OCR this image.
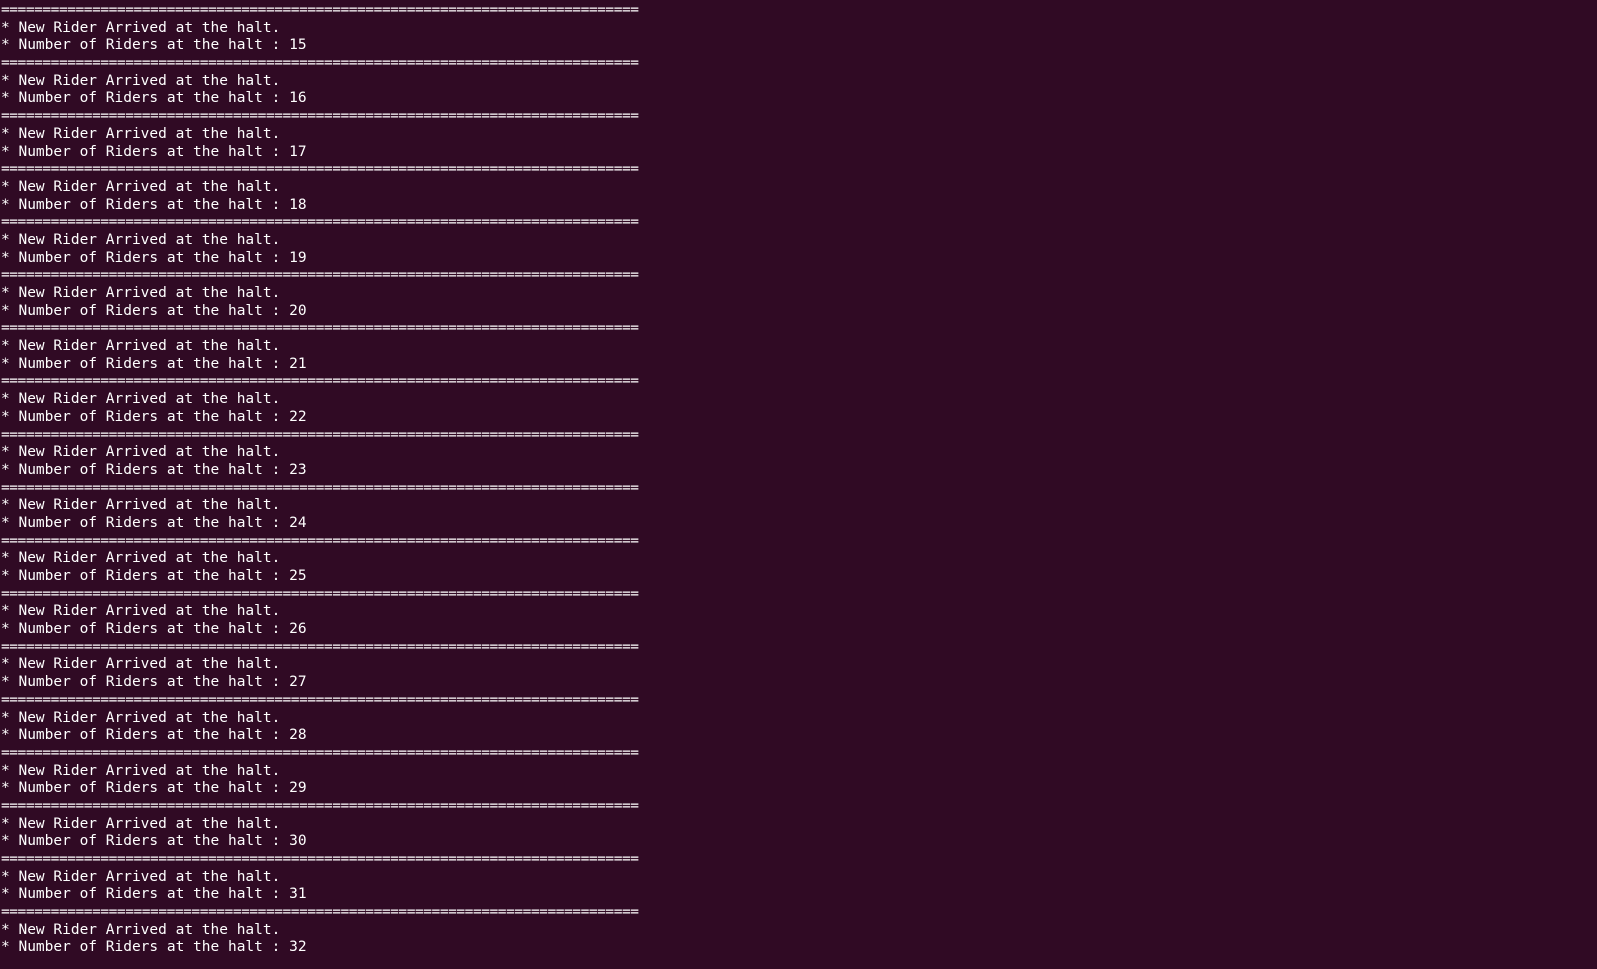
=============================================================================
* New Rider Arrived at the halt.
* Number of Riders at the halt : 15
=============================================================================
* New Rider Arrived at the halt.
* Number of Riders at the halt : 16
=============================================================================
* New Rider Arrived at the halt.
* Number of Riders at the halt : 17
=============================================================================
* New Rider Arrived at the halt.
* Number of Riders at the halt : 18
=============================================================================
* New Rider Arrived at the halt.
* Number of Riders at the halt : 19
=============================================================================
* New Rider Arrived at the halt.
* Number of Riders at the halt : 20
=============================================================================
* New Rider Arrived at the halt.
* Number of Riders at the halt : 21
=============================================================================
* New Rider Arrived at the halt.
* Number of Riders at the halt : 22
=============================================================================
* New Rider Arrived at the halt.
* Number of Riders at the halt : 23
=============================================================================
* New Rider Arrived at the halt.
* Number of Riders at the halt : 24
=============================================================================
* New Rider Arrived at the halt.
* Number of Riders at the halt : 25
=============================================================================
* New Rider Arrived at the halt.
* Number of Riders at the halt : 26
=============================================================================
* New Rider Arrived at the halt.
* Number of Riders at the halt : 27
=============================================================================
* New Rider Arrived at the halt.
* Number of Riders at the halt : 28
=============================================================================
* New Rider Arrived at the halt.
* Number of Riders at the halt : 29
=============================================================================
* New Rider Arrived at the halt.
* Number of Riders at the halt : 30
=============================================================================
* New Rider Arrived at the halt.
* Number of Riders at the halt : 31
=============================================================================
* New Rider Arrived at the halt.
* Number of Riders at the halt : 32
